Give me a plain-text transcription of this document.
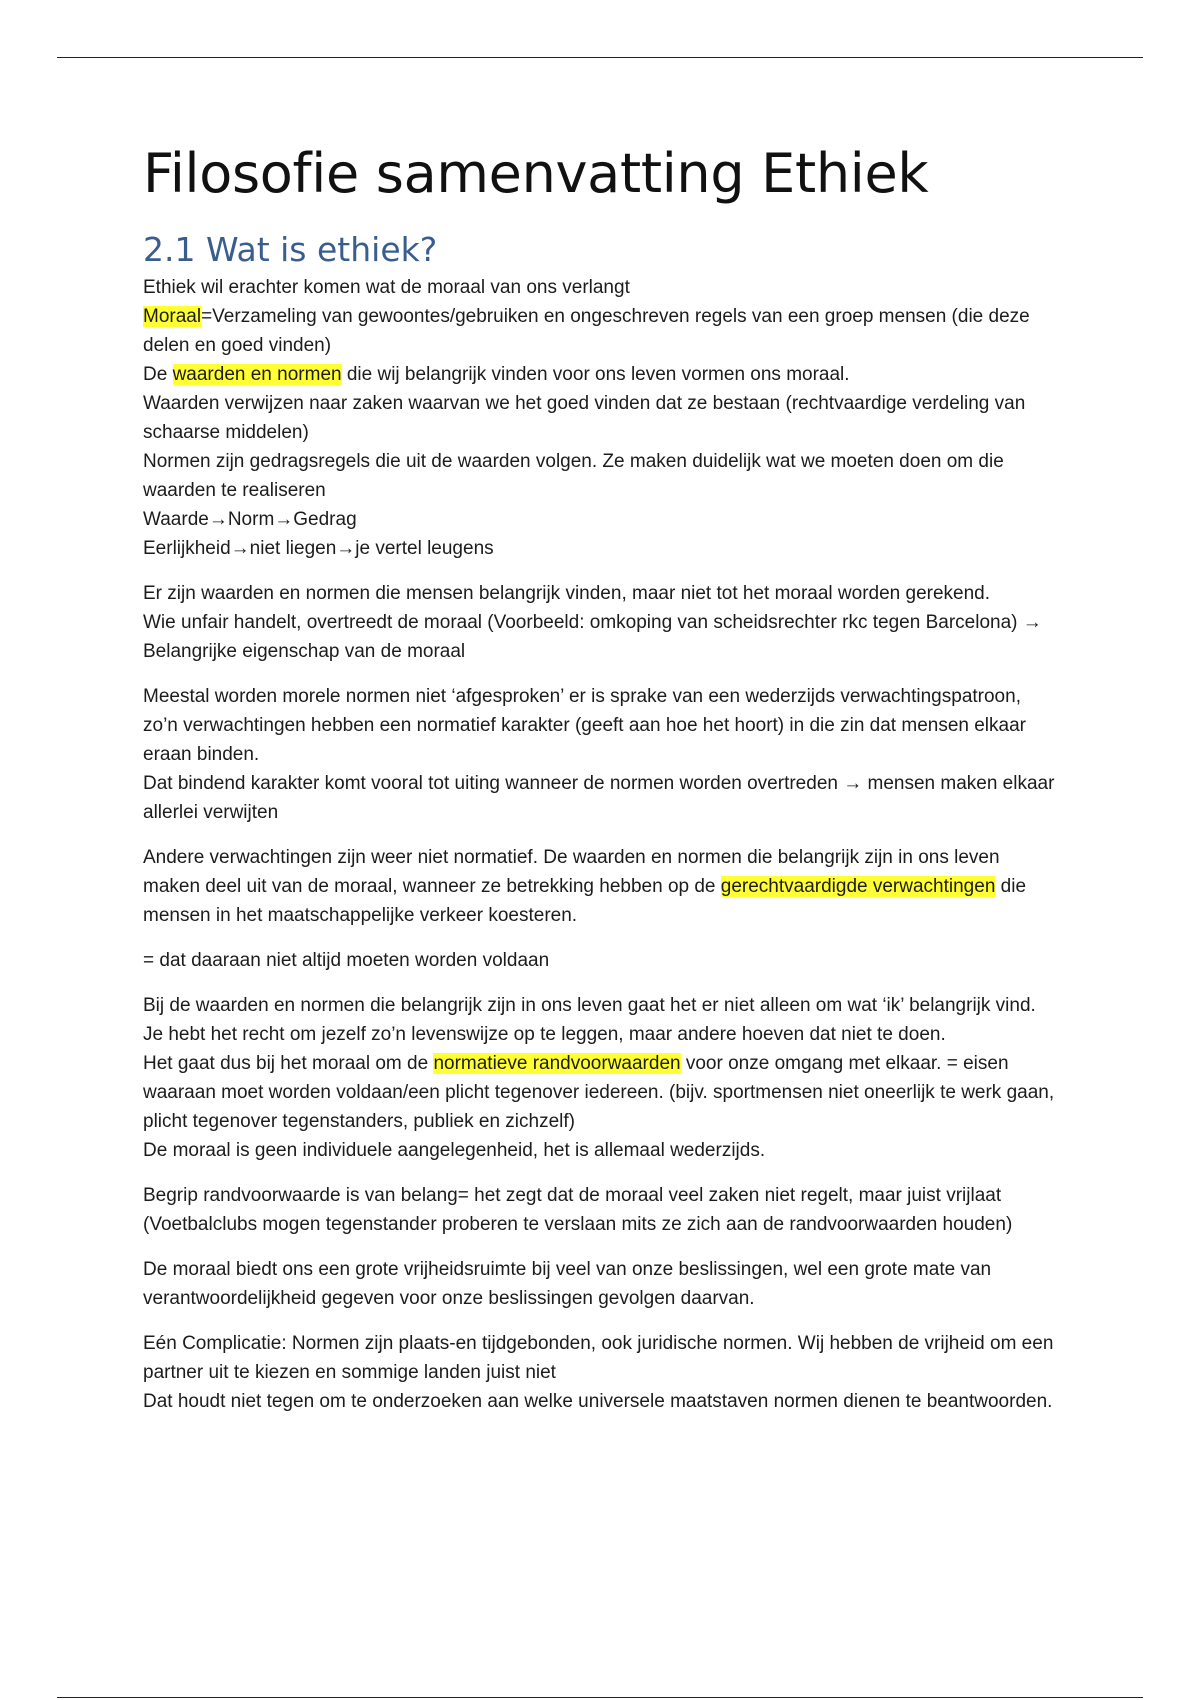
Filosofie samenvatting Ethiek
2.1 Wat is ethiek?

Ethiek wil erachter komen wat de moraal van ons verlangt
Moraal=Verzameling van gewoontes/gebruiken en ongeschreven regels van een groep mensen (die deze delen en goed vinden)
De waarden en normen die wij belangrijk vinden voor ons leven vormen ons moraal.
Waarden verwijzen naar zaken waarvan we het goed vinden dat ze bestaan (rechtvaardige verdeling van schaarse middelen)
Normen zijn gedragsregels die uit de waarden volgen. Ze maken duidelijk wat we moeten doen om die waarden te realiseren
Waarde→Norm→Gedrag
Eerlijkheid→niet liegen→je vertel leugens

Er zijn waarden en normen die mensen belangrijk vinden, maar niet tot het moraal worden gerekend.
Wie unfair handelt, overtreedt de moraal (Voorbeeld: omkoping van scheidsrechter rkc tegen Barcelona) → Belangrijke eigenschap van de moraal

Meestal worden morele normen niet ‘afgesproken’ er is sprake van een wederzijds verwachtingspatroon, zo’n verwachtingen hebben een normatief karakter (geeft aan hoe het hoort) in die zin dat mensen elkaar eraan binden.
Dat bindend karakter komt vooral tot uiting wanneer de normen worden overtreden → mensen maken elkaar allerlei verwijten

Andere verwachtingen zijn weer niet normatief. De waarden en normen die belangrijk zijn in ons leven maken deel uit van de moraal, wanneer ze betrekking hebben op de gerechtvaardigde verwachtingen die mensen in het maatschappelijke verkeer koesteren.

= dat daaraan niet altijd moeten worden voldaan

Bij de waarden en normen die belangrijk zijn in ons leven gaat het er niet alleen om wat ‘ik’ belangrijk vind. Je hebt het recht om jezelf zo’n levenswijze op te leggen, maar andere hoeven dat niet te doen.
Het gaat dus bij het moraal om de normatieve randvoorwaarden voor onze omgang met elkaar. = eisen waaraan moet worden voldaan/een plicht tegenover iedereen. (bijv. sportmensen niet oneerlijk te werk gaan, plicht tegenover tegenstanders, publiek en zichzelf)
De moraal is geen individuele aangelegenheid, het is allemaal wederzijds.

Begrip randvoorwaarde is van belang= het zegt dat de moraal veel zaken niet regelt, maar juist vrijlaat (Voetbalclubs mogen tegenstander proberen te verslaan mits ze zich aan de randvoorwaarden houden)

De moraal biedt ons een grote vrijheidsruimte bij veel van onze beslissingen, wel een grote mate van verantwoordelijkheid gegeven voor onze beslissingen gevolgen daarvan.

Eén Complicatie: Normen zijn plaats-en tijdgebonden, ook juridische normen. Wij hebben de vrijheid om een partner uit te kiezen en sommige landen juist niet
Dat houdt niet tegen om te onderzoeken aan welke universele maatstaven normen dienen te beantwoorden.
